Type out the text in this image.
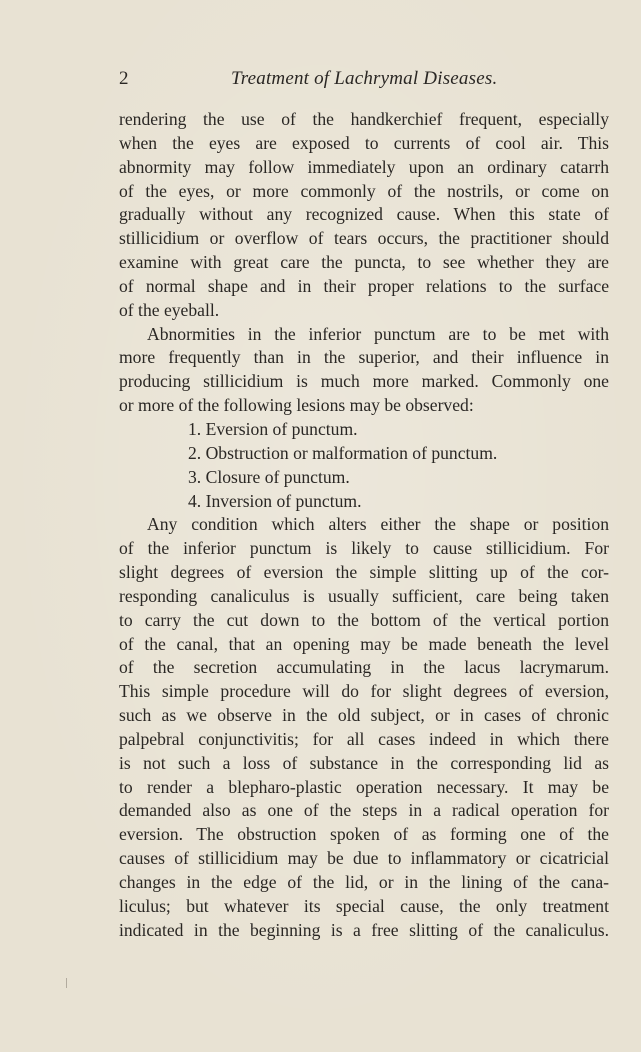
2	Treatment of Lachrymal Diseases.
rendering the use of the handkerchief frequent, especially
when the eyes are exposed to currents of cool air. This
abnormity may follow immediately upon an ordinary catarrh
of the eyes, or more commonly of the nostrils, or come on
gradually without any recognized cause. When this state of
stillicidium or overflow of tears occurs, the practitioner should
examine with great care the puncta, to see whether they are
of normal shape and in their proper relations to the surface
of the eyeball.
Abnormities in the inferior punctum are to be met with
more frequently than in the superior, and their influence in
producing stillicidium is much more marked. Commonly one
or more of the following lesions may be observed:
1. Eversion of punctum.
2. Obstruction or malformation of punctum.
3. Closure of punctum.
4. Inversion of punctum.
Any condition which alters either the shape or position
of the inferior punctum is likely to cause stillicidium. For
slight degrees of eversion the simple slitting up of the cor-
responding canaliculus is usually sufficient, care being taken
to carry the cut down to the bottom of the vertical portion
of the canal, that an opening may be made beneath the level
of the secretion accumulating in the lacus lacrymarum.
This simple procedure will do for slight degrees of eversion,
such as we observe in the old subject, or in cases of chronic
palpebral conjunctivitis; for all cases indeed in which there
is not such a loss of substance in the corresponding lid as
to render a blepharo-plastic operation necessary. It may be
demanded also as one of the steps in a radical operation for
eversion. The obstruction spoken of as forming one of the
causes of stillicidium may be due to inflammatory or cicatricial
changes in the edge of the lid, or in the lining of the cana-
liculus; but whatever its special cause, the only treatment
indicated in the beginning is a free slitting of the canaliculus.
